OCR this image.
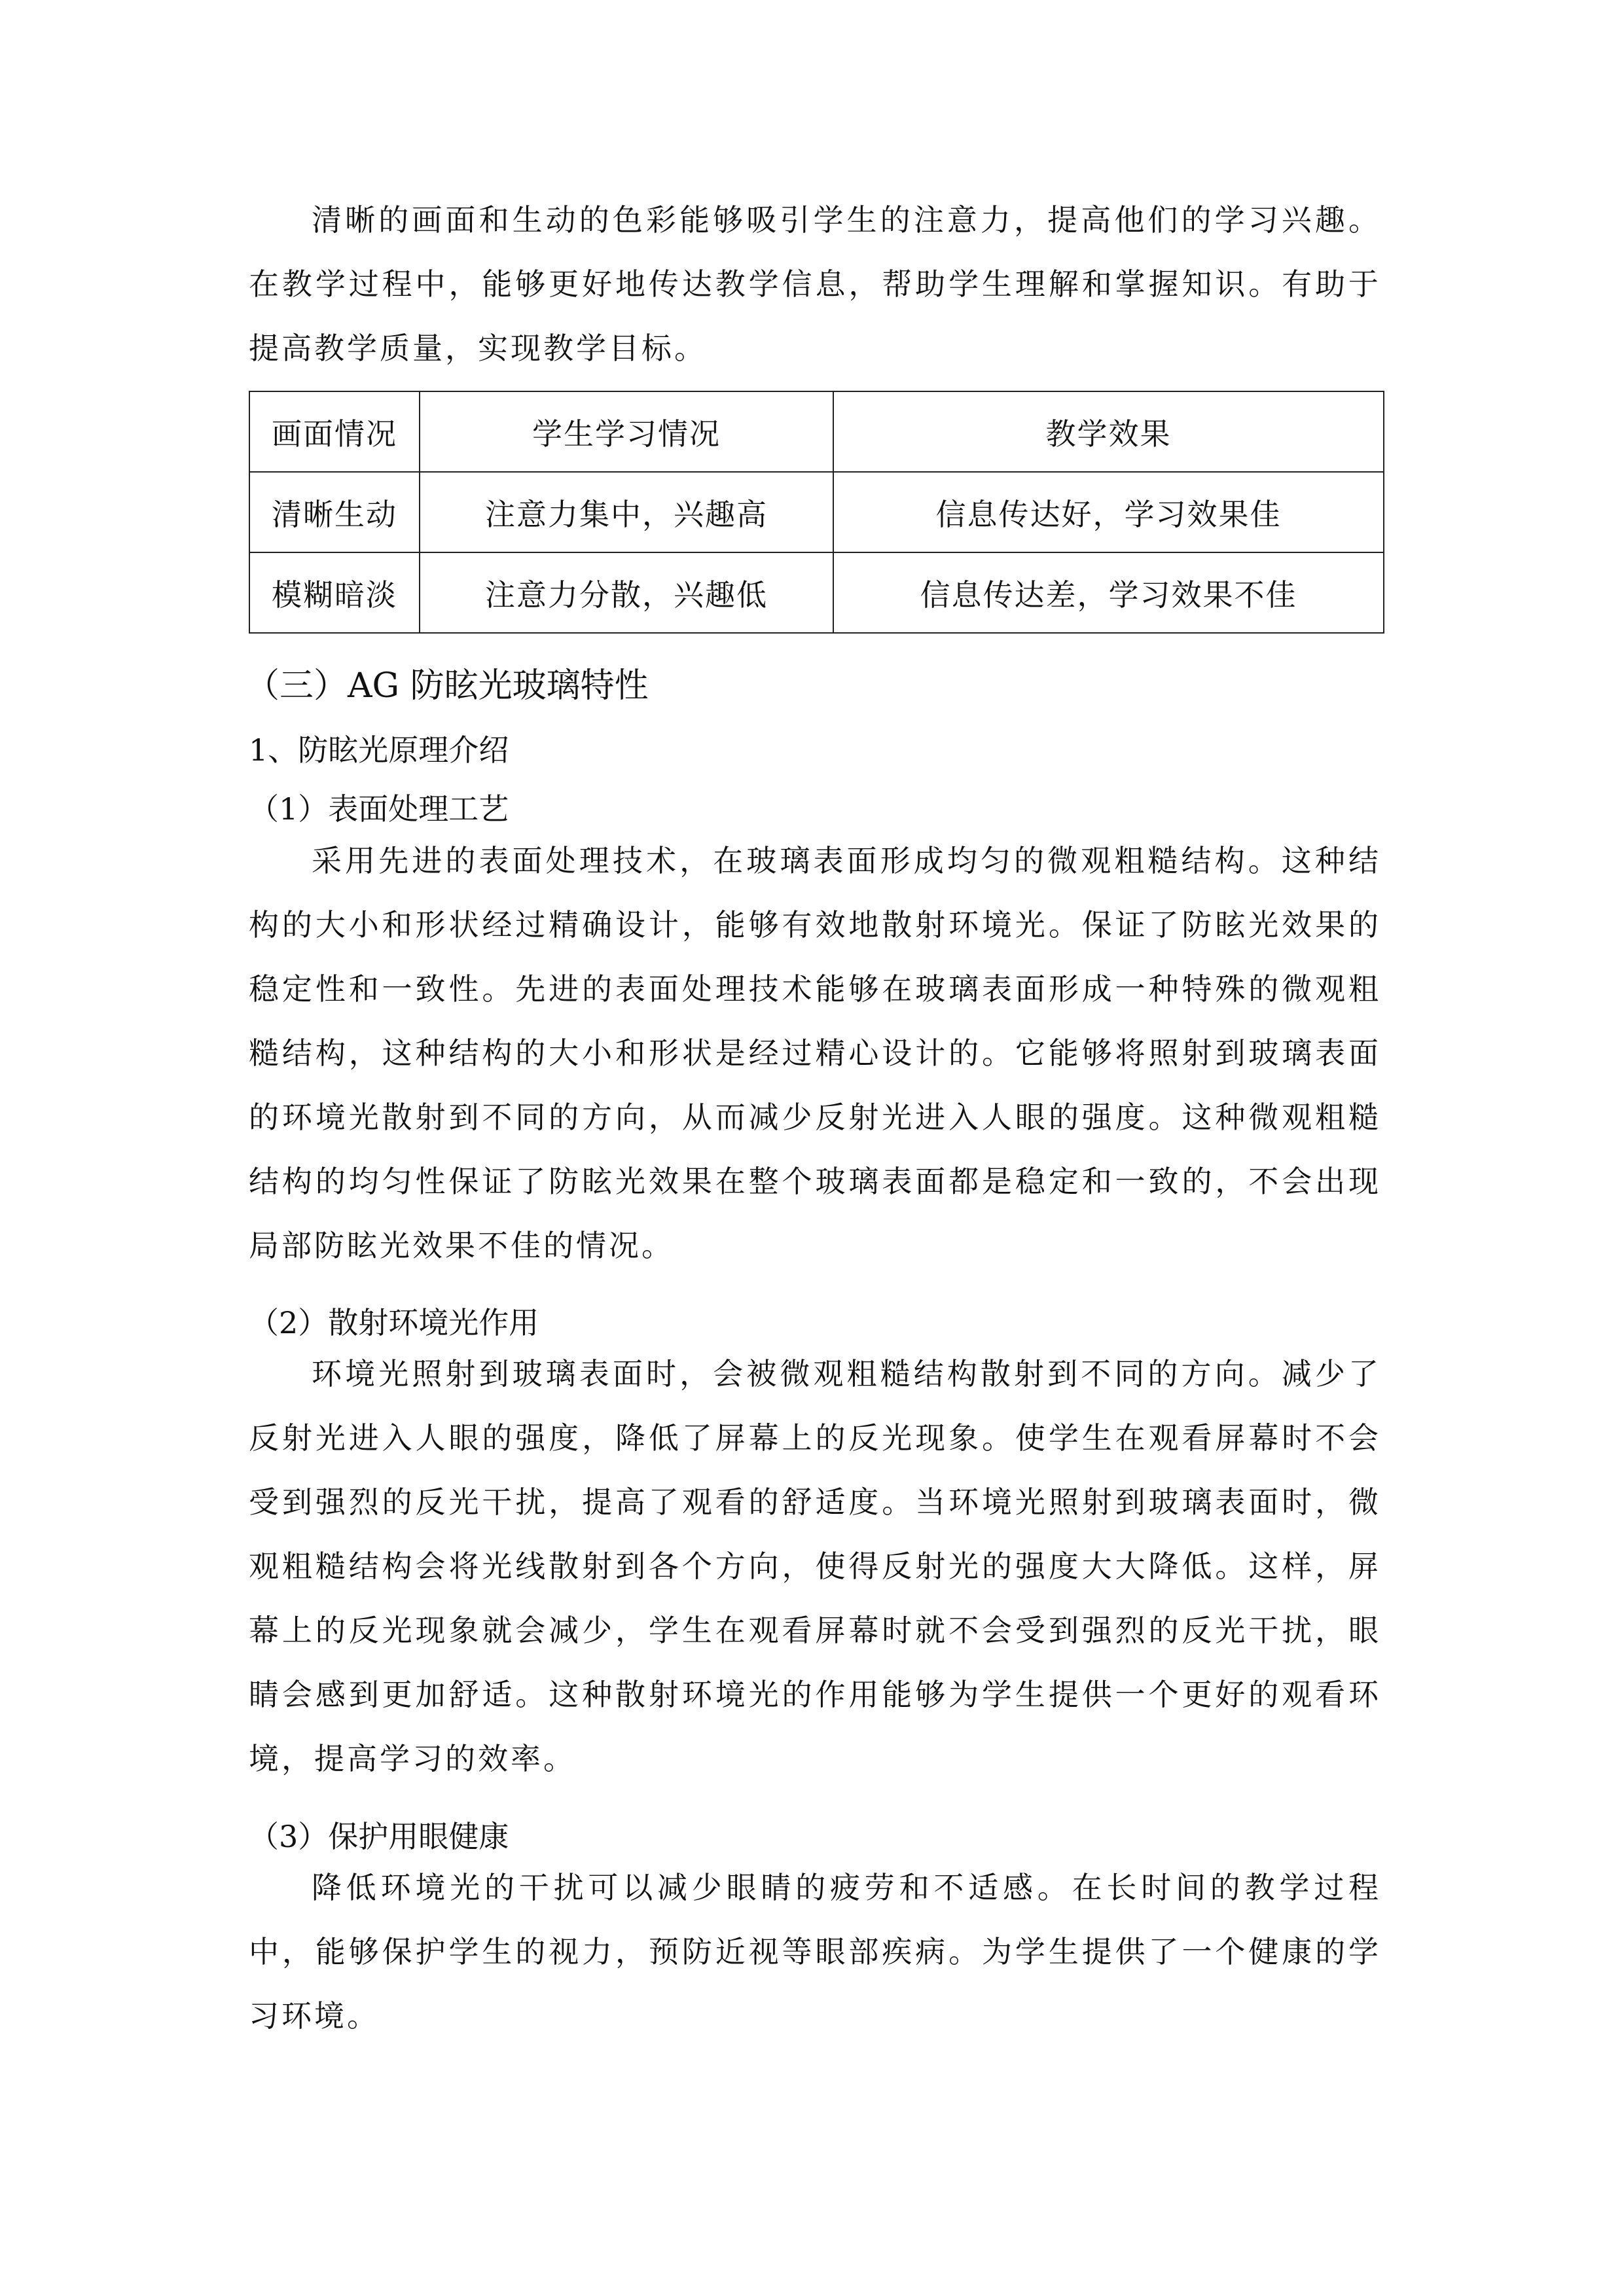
清晰的画面和生动的色彩能够吸引学生的注意力，提高他们的学习兴趣。在教学过程中，能够更好地传达教学信息，帮助学生理解和掌握知识。有助于提高教学质量，实现教学目标。

画面情况	学生学习情况	教学效果
清晰生动	注意力集中，兴趣高	信息传达好，学习效果佳
模糊暗淡	注意力分散，兴趣低	信息传达差，学习效果不佳

（三）AG 防眩光玻璃特性

1、防眩光原理介绍

（1）表面处理工艺

采用先进的表面处理技术，在玻璃表面形成均匀的微观粗糙结构。这种结构的大小和形状经过精确设计，能够有效地散射环境光。保证了防眩光效果的稳定性和一致性。先进的表面处理技术能够在玻璃表面形成一种特殊的微观粗糙结构，这种结构的大小和形状是经过精心设计的。它能够将照射到玻璃表面的环境光散射到不同的方向，从而减少反射光进入人眼的强度。这种微观粗糙结构的均匀性保证了防眩光效果在整个玻璃表面都是稳定和一致的，不会出现局部防眩光效果不佳的情况。

（2）散射环境光作用

环境光照射到玻璃表面时，会被微观粗糙结构散射到不同的方向。减少了反射光进入人眼的强度，降低了屏幕上的反光现象。使学生在观看屏幕时不会受到强烈的反光干扰，提高了观看的舒适度。当环境光照射到玻璃表面时，微观粗糙结构会将光线散射到各个方向，使得反射光的强度大大降低。这样，屏幕上的反光现象就会减少，学生在观看屏幕时就不会受到强烈的反光干扰，眼睛会感到更加舒适。这种散射环境光的作用能够为学生提供一个更好的观看环境，提高学习的效率。

（3）保护用眼健康

降低环境光的干扰可以减少眼睛的疲劳和不适感。在长时间的教学过程中，能够保护学生的视力，预防近视等眼部疾病。为学生提供了一个健康的学习环境。
